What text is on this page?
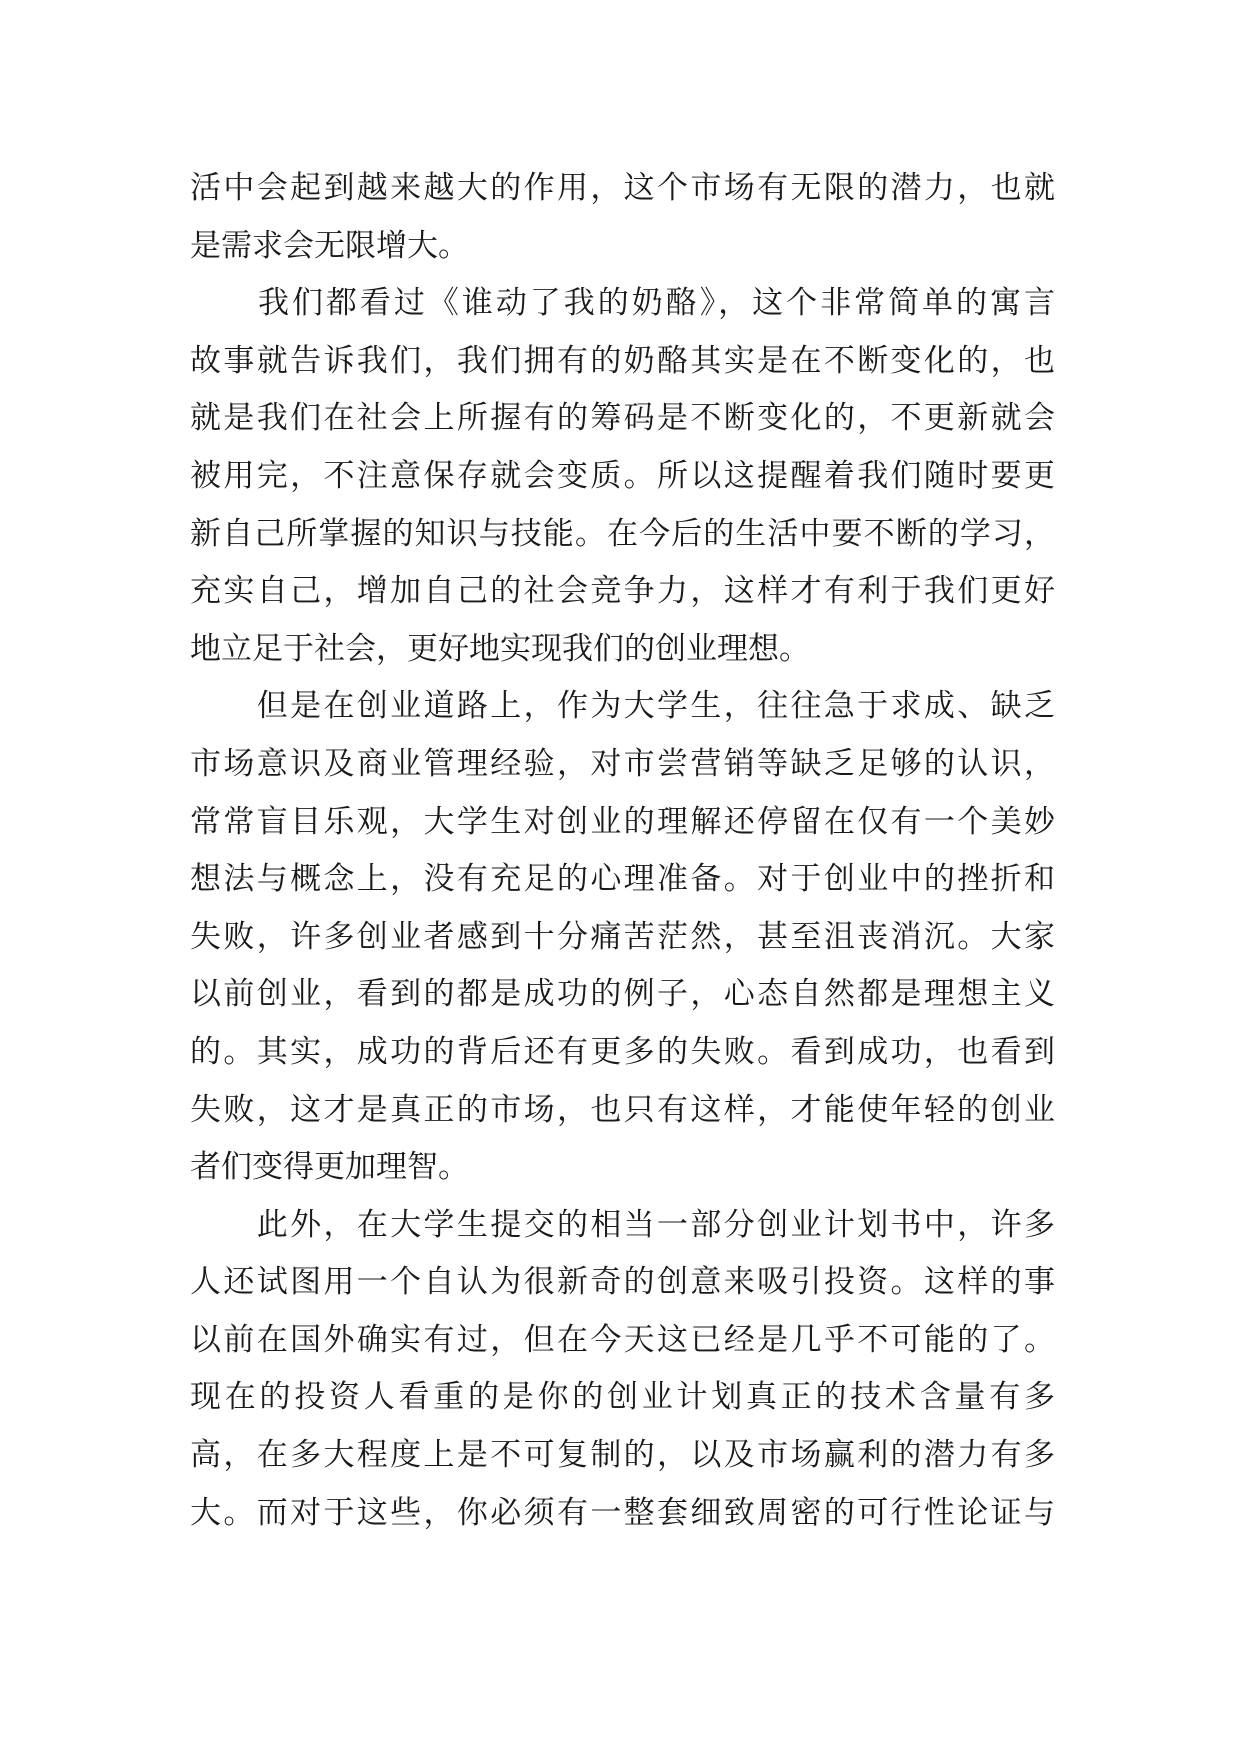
活中会起到越来越大的作用，这个市场有无限的潜力，也就
是需求会无限增大。
　　我们都看过《谁动了我的奶酪》，这个非常简单的寓言
故事就告诉我们，我们拥有的奶酪其实是在不断变化的，也
就是我们在社会上所握有的筹码是不断变化的，不更新就会
被用完，不注意保存就会变质。所以这提醒着我们随时要更
新自己所掌握的知识与技能。在今后的生活中要不断的学习，
充实自己，增加自己的社会竞争力，这样才有利于我们更好
地立足于社会，更好地实现我们的创业理想。
　　但是在创业道路上，作为大学生，往往急于求成、缺乏
市场意识及商业管理经验，对市尝营销等缺乏足够的认识，
常常盲目乐观，大学生对创业的理解还停留在仅有一个美妙
想法与概念上，没有充足的心理准备。对于创业中的挫折和
失败，许多创业者感到十分痛苦茫然，甚至沮丧消沉。大家
以前创业，看到的都是成功的例子，心态自然都是理想主义
的。其实，成功的背后还有更多的失败。看到成功，也看到
失败，这才是真正的市场，也只有这样，才能使年轻的创业
者们变得更加理智。
　　此外，在大学生提交的相当一部分创业计划书中，许多
人还试图用一个自认为很新奇的创意来吸引投资。这样的事
以前在国外确实有过，但在今天这已经是几乎不可能的了。
现在的投资人看重的是你的创业计划真正的技术含量有多
高，在多大程度上是不可复制的，以及市场赢利的潜力有多
大。而对于这些，你必须有一整套细致周密的可行性论证与
